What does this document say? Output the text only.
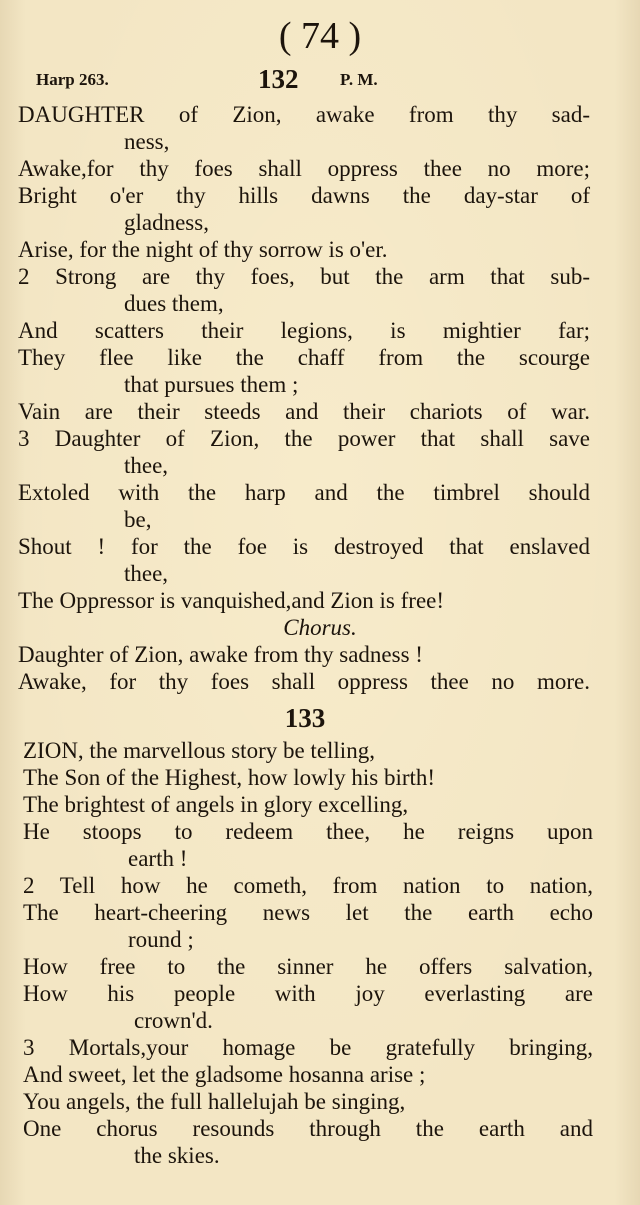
( 74 )
Harp 263.	132 P. M.
DAUGHTER of Zion, awake from thy sad-
ness,
Awake,for thy foes shall oppress thee no more;
Bright o'er thy hills dawns the day-star of
gladness,
Arise, for the night of thy sorrow is o'er.
2 Strong are thy foes, but the arm that sub-
dues them,
And scatters their legions, is mightier far;
They flee like the chaff from the scourge
that pursues them ;
Vain are their steeds and their chariots of war.
3 Daughter of Zion, the power that shall save
thee,
Extoled with the harp and the timbrel should
be,
Shout ! for the foe is destroyed that enslaved
thee,
The Oppressor is vanquished,and Zion is free!
Chorus.
Daughter of Zion, awake from thy sadness !
Awake, for thy foes shall oppress thee no more.
133
ZION, the marvellous story be telling,
The Son of the Highest, how lowly his birth!
The brightest of angels in glory excelling,
He stoops to redeem thee, he reigns upon
earth !
2 Tell how he cometh, from nation to nation,
The heart-cheering news let the earth echo
round ;
How free to the sinner he offers salvation,
How his people with joy everlasting are
crown'd.
3 Mortals,your homage be gratefully bringing,
And sweet, let the gladsome hosanna arise ;
You angels, the full hallelujah be singing,
One chorus resounds through the earth and
the skies.
